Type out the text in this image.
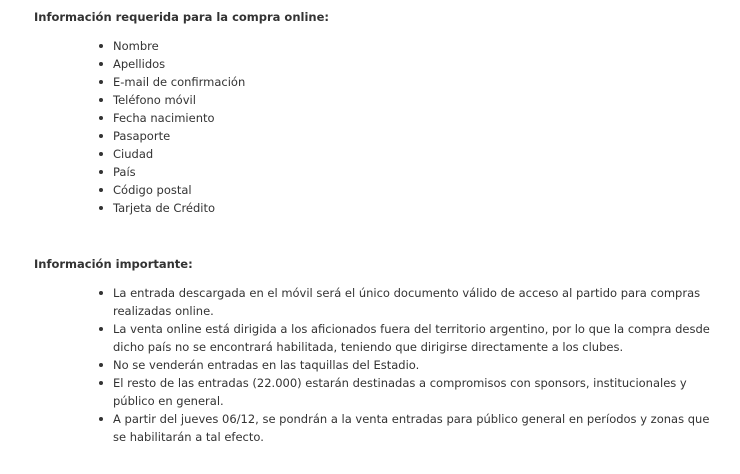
Información requerida para la compra online:

Nombre
Apellidos
E-mail de confirmación
Teléfono móvil
Fecha nacimiento
Pasaporte
Ciudad
País
Código postal
Tarjeta de Crédito

Información importante:

La entrada descargada en el móvil será el único documento válido de acceso al partido para compras realizadas online.
La venta online está dirigida a los aficionados fuera del territorio argentino, por lo que la compra desde dicho país no se encontrará habilitada, teniendo que dirigirse directamente a los clubes.
No se venderán entradas en las taquillas del Estadio.
El resto de las entradas (22.000) estarán destinadas a compromisos con sponsors, institucionales y público en general.
A partir del jueves 06/12, se pondrán a la venta entradas para público general en períodos y zonas que se habilitarán a tal efecto.
